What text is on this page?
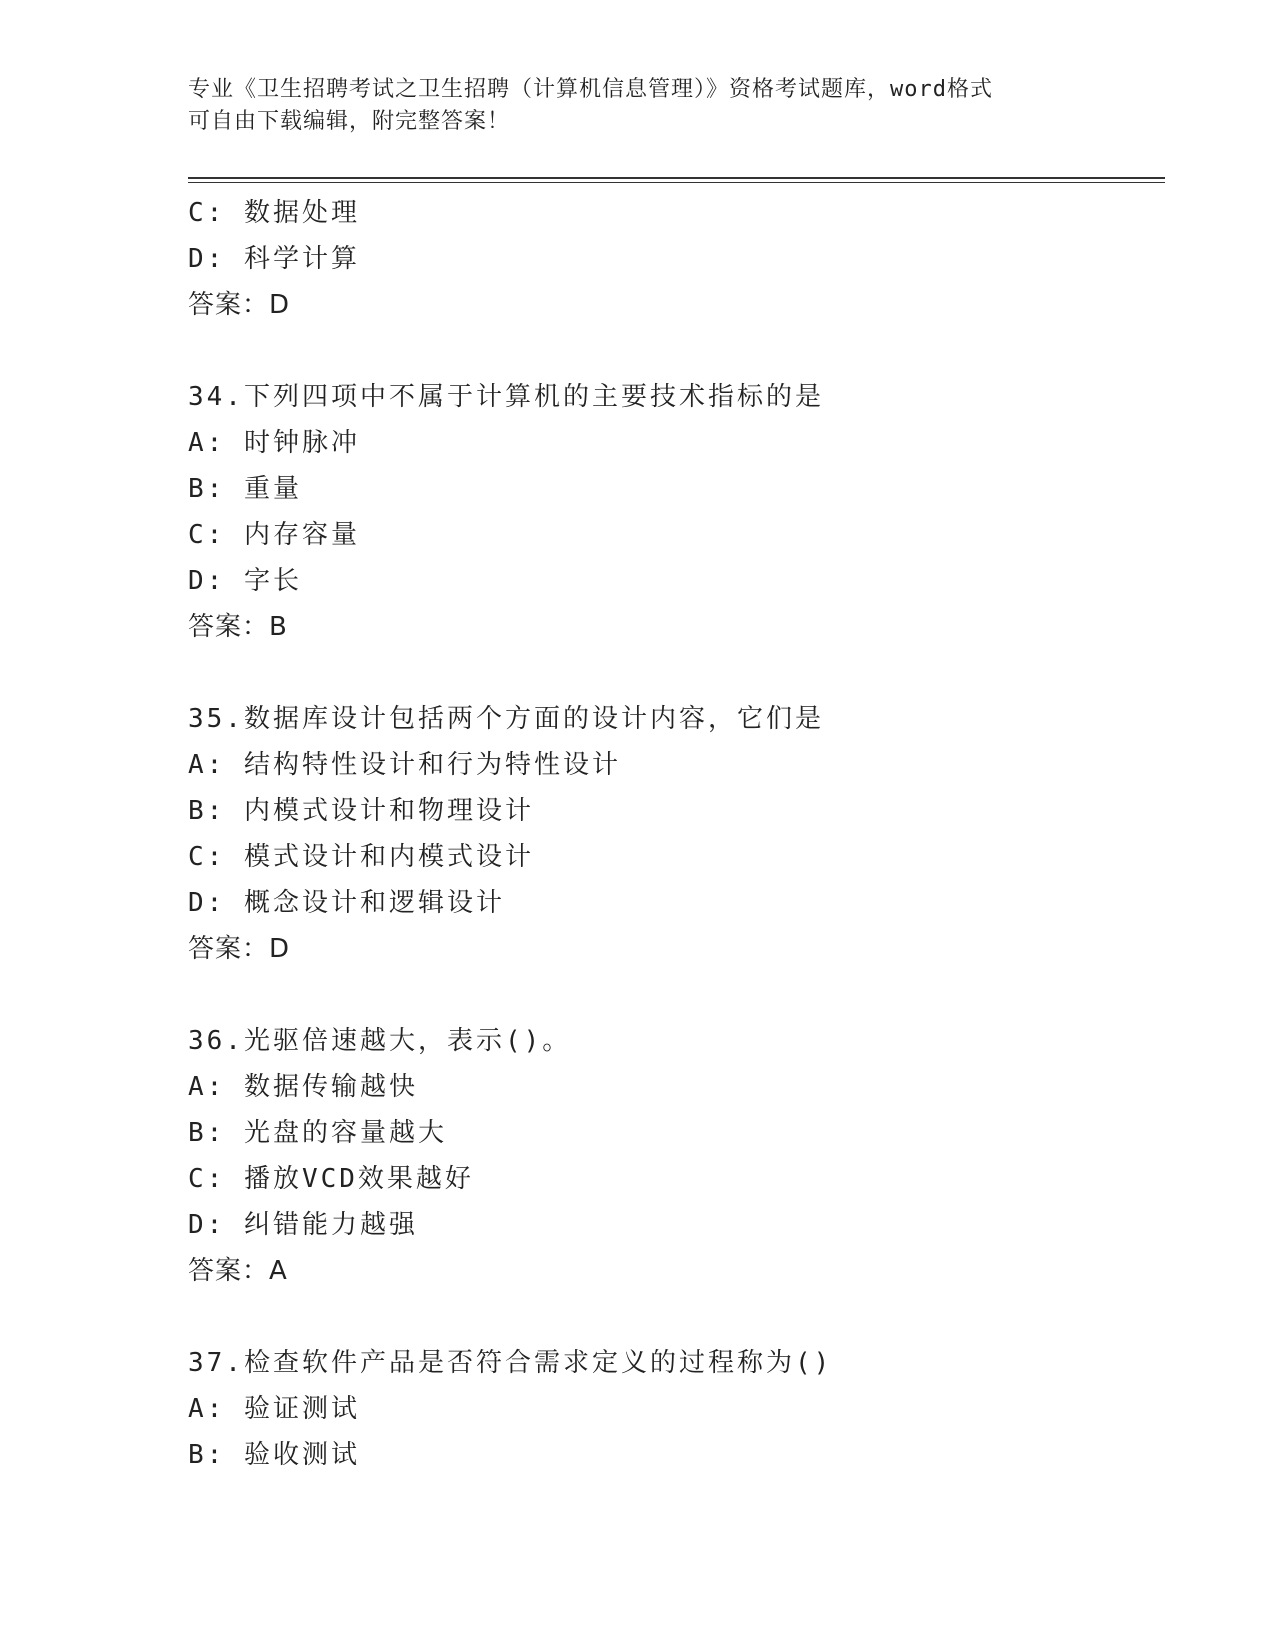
专业《卫生招聘考试之卫生招聘（计算机信息管理）》资格考试题库，word格式
可自由下载编辑，附完整答案！
C: 数据处理
D: 科学计算
答案：D
34.下列四项中不属于计算机的主要技术指标的是
A: 时钟脉冲
B: 重量
C: 内存容量
D: 字长
答案：B
35.数据库设计包括两个方面的设计内容，它们是
A: 结构特性设计和行为特性设计
B: 内模式设计和物理设计
C: 模式设计和内模式设计
D: 概念设计和逻辑设计
答案：D
36.光驱倍速越大，表示()。
A: 数据传输越快
B: 光盘的容量越大
C: 播放VCD效果越好
D: 纠错能力越强
答案：A
37.检查软件产品是否符合需求定义的过程称为()
A: 验证测试
B: 验收测试
